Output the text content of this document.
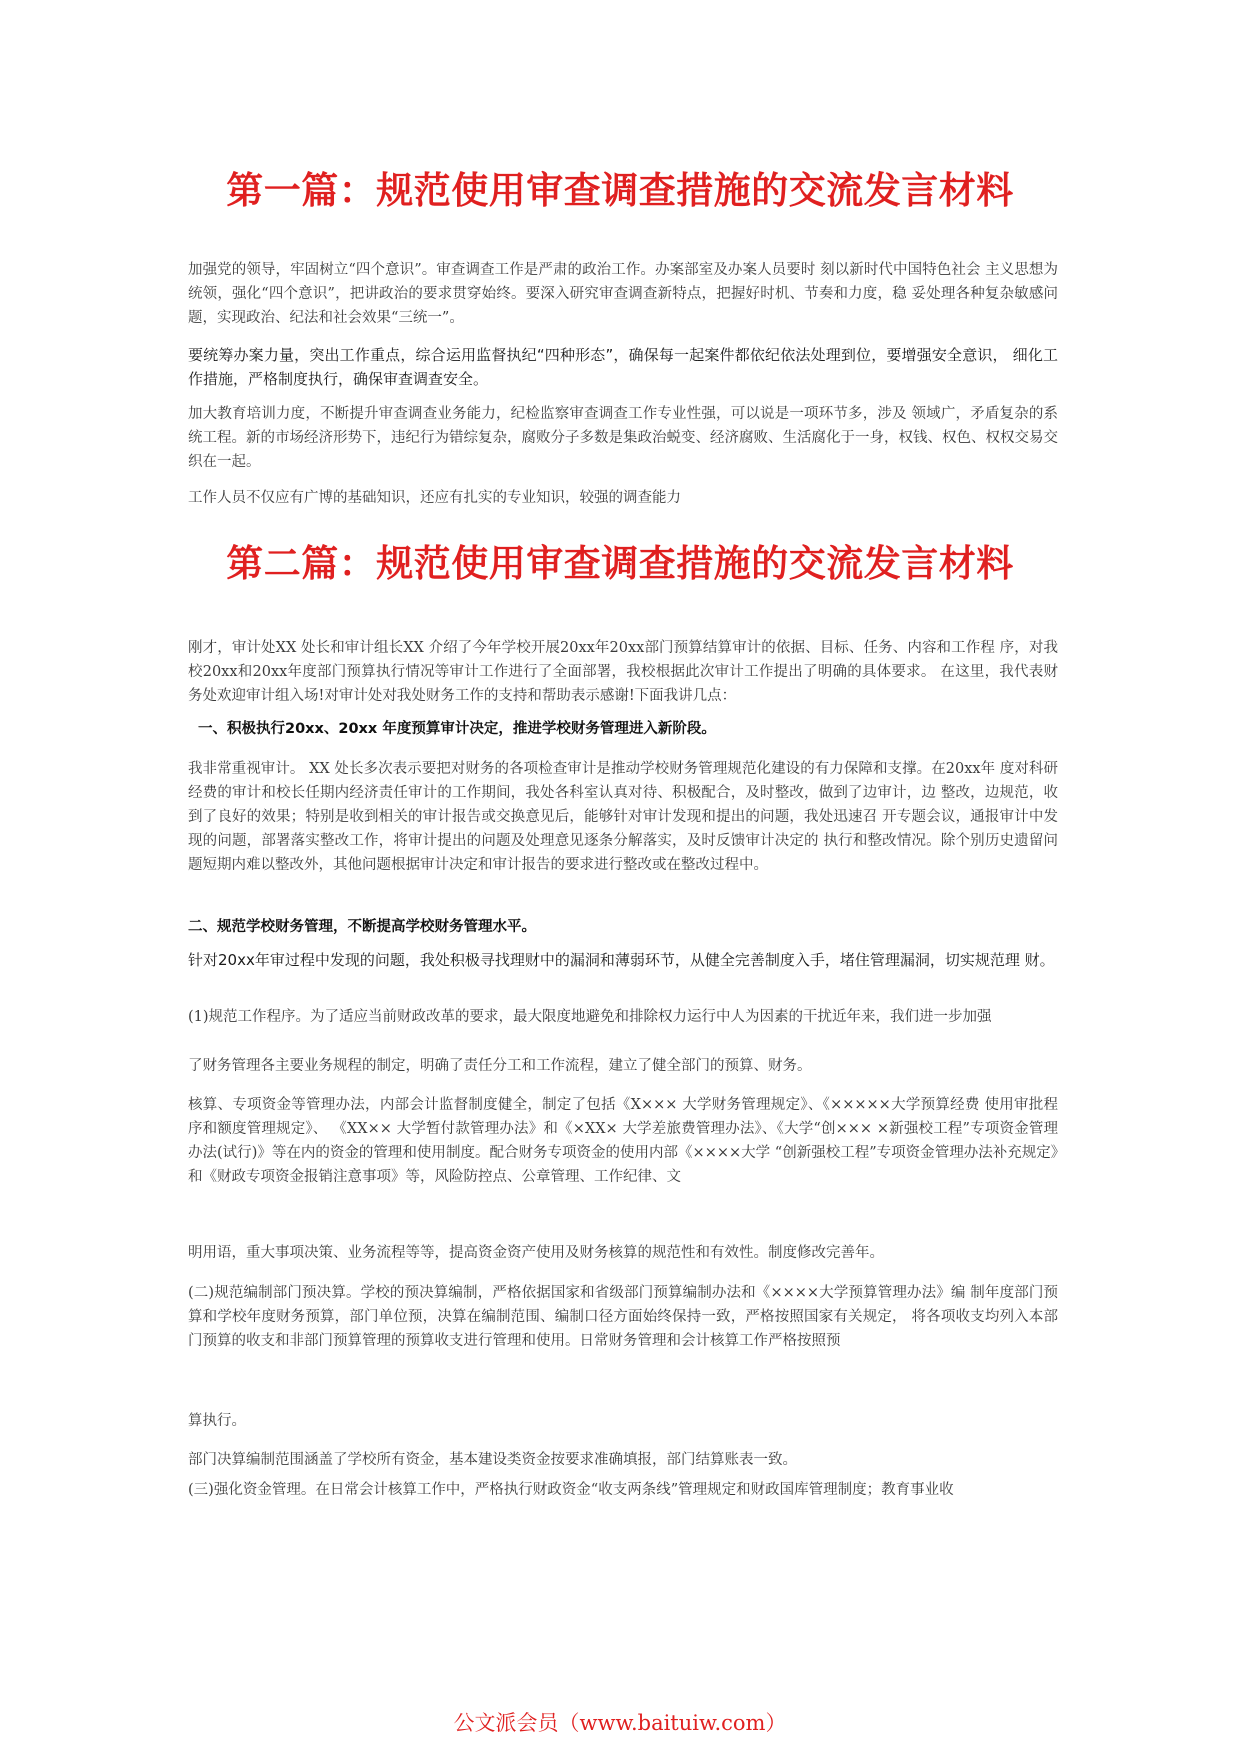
第一篇：规范使用审查调查措施的交流发言材料
加强党的领导，牢固树立“四个意识”。审查调查工作是严肃的政治工作。办案部室及办案人员要时 刻以新时代中国特色社会 主义思想为统领，强化“四个意识”，把讲政治的要求贯穿始终。要深入研究审查调查新特点，把握好时机、节奏和力度，稳 妥处理各种复杂敏感问题，实现政治、纪法和社会效果“三统一”。
要统筹办案力量，突出工作重点，综合运用监督执纪“四种形态”，确保每一起案件都依纪依法处理到位，要增强安全意识， 细化工作措施，严格制度执行，确保审查调查安全。
加大教育培训力度，不断提升审查调查业务能力，纪检监察审查调查工作专业性强，可以说是一项环节多，涉及 领域广，矛盾复杂的系统工程。新的市场经济形势下，违纪行为错综复杂，腐败分子多数是集政治蜕变、经济腐败、生活腐化于一身，权钱、权色、权权交易交织在一起。
工作人员不仅应有广博的基础知识，还应有扎实的专业知识，较强的调查能力
第二篇：规范使用审查调查措施的交流发言材料
刚才，审计处XX 处长和审计组长XX 介绍了今年学校开展20xx年20xx部门预算结算审计的依据、目标、任务、内容和工作程 序，对我校20xx和20xx年度部门预算执行情况等审计工作进行了全面部署，我校根据此次审计工作提出了明确的具体要求。 在这里，我代表财务处欢迎审计组入场!对审计处对我处财务工作的支持和帮助表示感谢!下面我讲几点：
一、积极执行20xx、20xx 年度预算审计决定，推进学校财务管理进入新阶段。
我非常重视审计。 XX 处长多次表示要把对财务的各项检查审计是推动学校财务管理规范化建设的有力保障和支撑。在20xx年 度对科研经费的审计和校长任期内经济责任审计的工作期间，我处各科室认真对待、积极配合，及时整改，做到了边审计，边 整改，边规范，收到了良好的效果；特别是收到相关的审计报告或交换意见后，能够针对审计发现和提出的问题，我处迅速召 开专题会议，通报审计中发现的问题，部署落实整改工作，将审计提出的问题及处理意见逐条分解落实，及时反馈审计决定的 执行和整改情况。除个别历史遗留问题短期内难以整改外，其他问题根据审计决定和审计报告的要求进行整改或在整改过程中。
二、规范学校财务管理，不断提高学校财务管理水平。
针对20xx年审过程中发现的问题，我处积极寻找理财中的漏洞和薄弱环节，从健全完善制度入手，堵住管理漏洞，切实规范理 财。
(1)规范工作程序。为了适应当前财政改革的要求，最大限度地避免和排除权力运行中人为因素的干扰近年来，我们进一步加强
了财务管理各主要业务规程的制定，明确了责任分工和工作流程，建立了健全部门的预算、财务。
核算、专项资金等管理办法，内部会计监督制度健全，制定了包括《X××× 大学财务管理规定》、《×××××大学预算经费 使用审批程序和额度管理规定》、 《XX×× 大学暂付款管理办法》和《×XX× 大学差旅费管理办法》、《大学“创××× ×新强校工程”专项资金管理办法(试行)》等在内的资金的管理和使用制度。配合财务专项资金的使用内部《××××大学 “创新强校工程”专项资金管理办法补充规定》和《财政专项资金报销注意事项》等，风险防控点、公章管理、工作纪律、文
明用语，重大事项决策、业务流程等等，提高资金资产使用及财务核算的规范性和有效性。制度修改完善年。
(二)规范编制部门预决算。学校的预决算编制，严格依据国家和省级部门预算编制办法和《××××大学预算管理办法》编 制年度部门预算和学校年度财务预算，部门单位预，决算在编制范围、编制口径方面始终保持一致，严格按照国家有关规定， 将各项收支均列入本部门预算的收支和非部门预算管理的预算收支进行管理和使用。日常财务管理和会计核算工作严格按照预
算执行。
部门决算编制范围涵盖了学校所有资金，基本建设类资金按要求准确填报，部门结算账表一致。
(三)强化资金管理。在日常会计核算工作中，严格执行财政资金“收支两条线”管理规定和财政国库管理制度；教育事业收
公文派会员（www.baituiw.com）
